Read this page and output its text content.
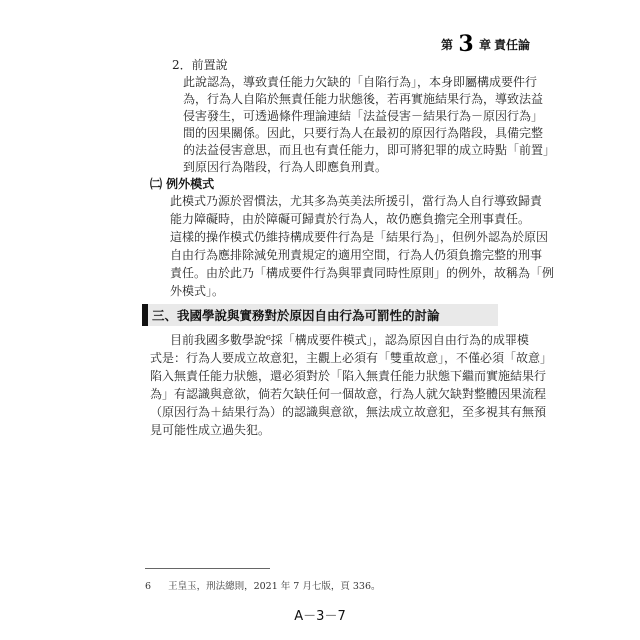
第 3 章 責任論
2．前置說
此說認為，導致責任能力欠缺的「自陷行為」，本身即屬構成要件行
為，行為人自陷於無責任能力狀態後，若再實施結果行為，導致法益
侵害發生，可透過條件理論連結「法益侵害－結果行為－原因行為」
間的因果關係。因此，只要行為人在最初的原因行為階段，具備完整
的法益侵害意思，而且也有責任能力，即可將犯罪的成立時點「前置」
到原因行為階段，行為人即應負刑責。
㈡ 例外模式
此模式乃源於習慣法，尤其多為英美法所援引，當行為人自行導致歸責
能力障礙時，由於障礙可歸責於行為人，故仍應負擔完全刑事責任。
這樣的操作模式仍維持構成要件行為是「結果行為」，但例外認為於原因
自由行為應排除減免刑責規定的適用空間，行為人仍須負擔完整的刑事
責任。由於此乃「構成要件行為與罪責同時性原則」的例外，故稱為「例
三、我國學說與實務對於原因自由行為可罰性的討論
目前我國多數學說⁶採「構成要件模式」，認為原因自由行為的成罪模
式是：行為人要成立故意犯，主觀上必須有「雙重故意」，不僅必須「故意」
陷入無責任能力狀態，還必須對於「陷入無責任能力狀態下繼而實施結果行
為」有認識與意欲，倘若欠缺任何一個故意，行為人就欠缺對整體因果流程
（原因行為＋結果行為）的認識與意欲，無法成立故意犯，至多視其有無預
見可能性成立過失犯。
外模式」。
6 王皇玉，刑法總則，2021 年 7 月七版，頁 336。
A－3－7
